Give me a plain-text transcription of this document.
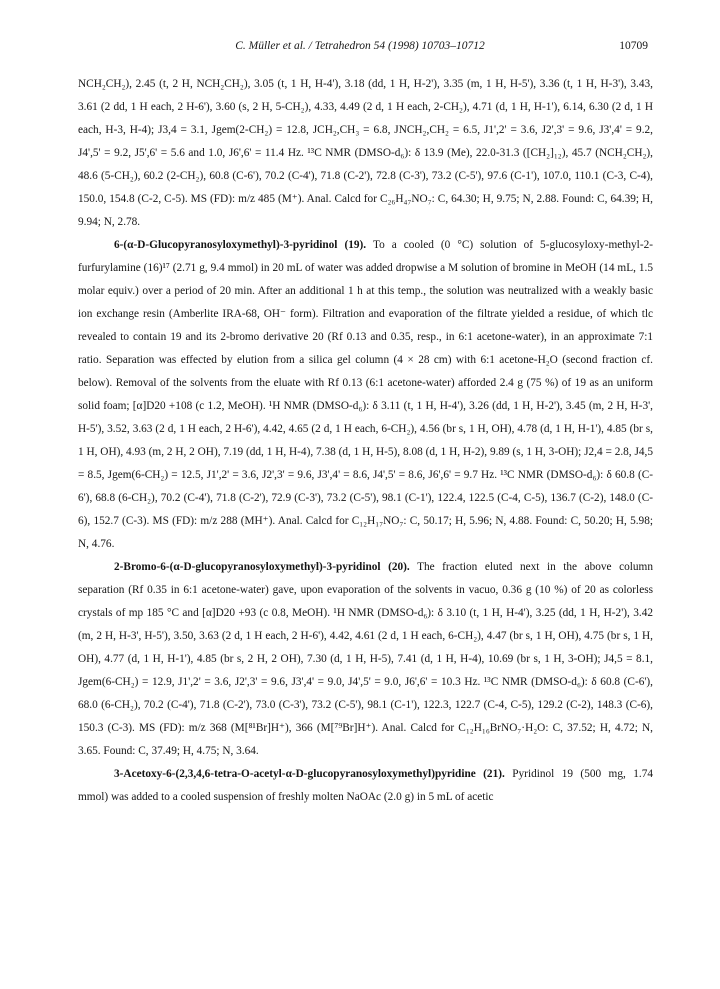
C. Müller et al. / Tetrahedron 54 (1998) 10703–10712	10709

NCH₂CH₂), 2.45 (t, 2 H, NCH₂CH₂), 3.05 (t, 1 H, H-4'), 3.18 (dd, 1 H, H-2'), 3.35 (m, 1 H, H-5'), 3.36 (t, 1 H, H-3'), 3.43, 3.61 (2 dd, 1 H each, 2 H-6'), 3.60 (s, 2 H, 5-CH₂), 4.33, 4.49 (2 d, 1 H each, 2-CH₂), 4.71 (d, 1 H, H-1'), 6.14, 6.30 (2 d, 1 H each, H-3, H-4); J3,4 = 3.1, Jgem(2-CH₂) = 12.8, JCH₂,CH₃ = 6.8, JNCH₂,CH₂ = 6.5, J1',2' = 3.6, J2',3' = 9.6, J3',4' = 9.2, J4',5' = 9.2, J5',6' = 5.6 and 1.0, J6',6' = 11.4 Hz. ¹³C NMR (DMSO-d₆): δ 13.9 (Me), 22.0-31.3 ([CH₂]₁₂), 45.7 (NCH₂CH₂), 48.6 (5-CH₂), 60.2 (2-CH₂), 60.8 (C-6'), 70.2 (C-4'), 71.8 (C-2'), 72.8 (C-3'), 73.2 (C-5'), 97.6 (C-1'), 107.0, 110.1 (C-3, C-4), 150.0, 154.8 (C-2, C-5). MS (FD): m/z 485 (M⁺). Anal. Calcd for C₂₆H₄₇NO₇: C, 64.30; H, 9.75; N, 2.88. Found: C, 64.39; H, 9.94; N, 2.78.

6-(α-D-Glucopyranosyloxymethyl)-3-pyridinol (19). To a cooled (0 °C) solution of 5-glucosyloxy-methyl-2-furfurylamine (16)¹⁷ (2.71 g, 9.4 mmol) in 20 mL of water was added dropwise a M solution of bromine in MeOH (14 mL, 1.5 molar equiv.) over a period of 20 min. After an additional 1 h at this temp., the solution was neutralized with a weakly basic ion exchange resin (Amberlite IRA-68, OH⁻ form). Filtration and evaporation of the filtrate yielded a residue, of which tlc revealed to contain 19 and its 2-bromo derivative 20 (Rf 0.13 and 0.35, resp., in 6:1 acetone-water), in an approximate 7:1 ratio. Separation was effected by elution from a silica gel column (4 × 28 cm) with 6:1 acetone-H₂O (second fraction cf. below). Removal of the solvents from the eluate with Rf 0.13 (6:1 acetone-water) afforded 2.4 g (75 %) of 19 as an uniform solid foam; [α]D20 +108 (c 1.2, MeOH). ¹H NMR (DMSO-d₆): δ 3.11 (t, 1 H, H-4'), 3.26 (dd, 1 H, H-2'), 3.45 (m, 2 H, H-3', H-5'), 3.52, 3.63 (2 d, 1 H each, 2 H-6'), 4.42, 4.65 (2 d, 1 H each, 6-CH₂), 4.56 (br s, 1 H, OH), 4.78 (d, 1 H, H-1'), 4.85 (br s, 1 H, OH), 4.93 (m, 2 H, 2 OH), 7.19 (dd, 1 H, H-4), 7.38 (d, 1 H, H-5), 8.08 (d, 1 H, H-2), 9.89 (s, 1 H, 3-OH); J2,4 = 2.8, J4,5 = 8.5, Jgem(6-CH₂) = 12.5, J1',2' = 3.6, J2',3' = 9.6, J3',4' = 8.6, J4',5' = 8.6, J6',6' = 9.7 Hz. ¹³C NMR (DMSO-d₆): δ 60.8 (C-6'), 68.8 (6-CH₂), 70.2 (C-4'), 71.8 (C-2'), 72.9 (C-3'), 73.2 (C-5'), 98.1 (C-1'), 122.4, 122.5 (C-4, C-5), 136.7 (C-2), 148.0 (C-6), 152.7 (C-3). MS (FD): m/z 288 (MH⁺). Anal. Calcd for C₁₂H₁₇NO₇: C, 50.17; H, 5.96; N, 4.88. Found: C, 50.20; H, 5.98; N, 4.76.

2-Bromo-6-(α-D-glucopyranosyloxymethyl)-3-pyridinol (20). The fraction eluted next in the above column separation (Rf 0.35 in 6:1 acetone-water) gave, upon evaporation of the solvents in vacuo, 0.36 g (10 %) of 20 as colorless crystals of mp 185 °C and [α]D20 +93 (c 0.8, MeOH). ¹H NMR (DMSO-d₆): δ 3.10 (t, 1 H, H-4'), 3.25 (dd, 1 H, H-2'), 3.42 (m, 2 H, H-3', H-5'), 3.50, 3.63 (2 d, 1 H each, 2 H-6'), 4.42, 4.61 (2 d, 1 H each, 6-CH₂), 4.47 (br s, 1 H, OH), 4.75 (br s, 1 H, OH), 4.77 (d, 1 H, H-1'), 4.85 (br s, 2 H, 2 OH), 7.30 (d, 1 H, H-5), 7.41 (d, 1 H, H-4), 10.69 (br s, 1 H, 3-OH); J4,5 = 8.1, Jgem(6-CH₂) = 12.9, J1',2' = 3.6, J2',3' = 9.6, J3',4' = 9.0, J4',5' = 9.0, J6',6' = 10.3 Hz. ¹³C NMR (DMSO-d₆): δ 60.8 (C-6'), 68.0 (6-CH₂), 70.2 (C-4'), 71.8 (C-2'), 73.0 (C-3'), 73.2 (C-5'), 98.1 (C-1'), 122.3, 122.7 (C-4, C-5), 129.2 (C-2), 148.3 (C-6), 150.3 (C-3). MS (FD): m/z 368 (M[⁸¹Br]H⁺), 366 (M[⁷⁹Br]H⁺). Anal. Calcd for C₁₂H₁₆BrNO₇·H₂O: C, 37.52; H, 4.72; N, 3.65. Found: C, 37.49; H, 4.75; N, 3.64.

3-Acetoxy-6-(2,3,4,6-tetra-O-acetyl-α-D-glucopyranosyloxymethyl)pyridine (21). Pyridinol 19 (500 mg, 1.74 mmol) was added to a cooled suspension of freshly molten NaOAc (2.0 g) in 5 mL of acetic
